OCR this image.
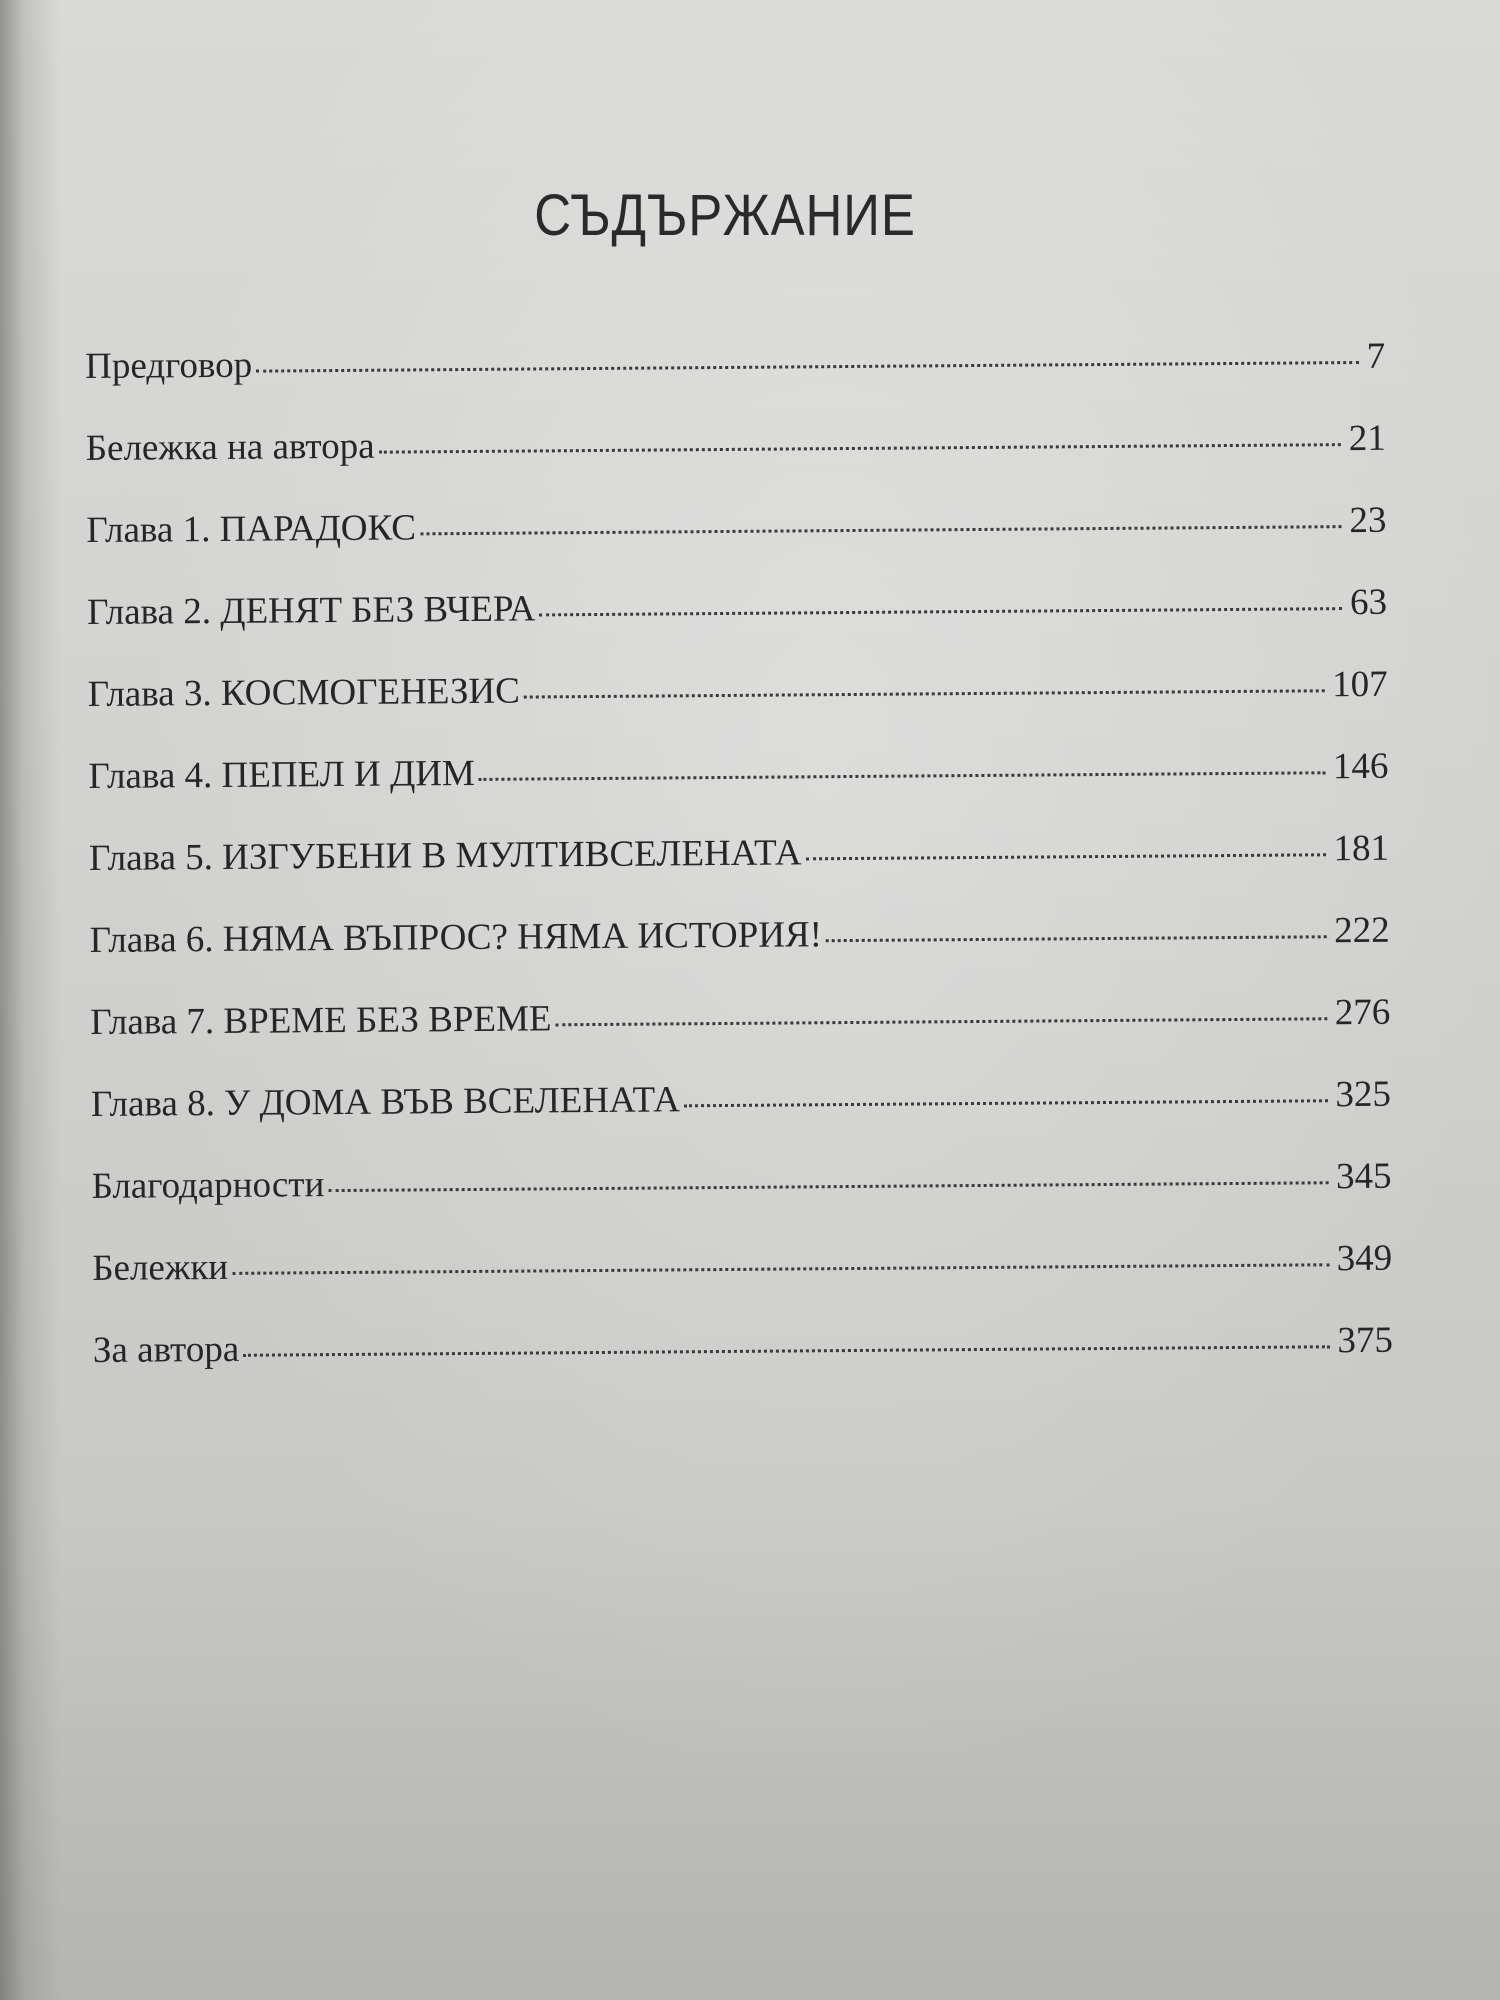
СЪДЪРЖАНИЕ
Предговор	7
Бележка на автора	21
Глава 1. ПАРАДОКС	23
Глава 2. ДЕНЯТ БЕЗ ВЧЕРА	63
Глава 3. КОСМОГЕНЕЗИС	107
Глава 4. ПЕПЕЛ И ДИМ	146
Глава 5. ИЗГУБЕНИ В МУЛТИВСЕЛЕНАТА	181
Глава 6. НЯМА ВЪПРОС? НЯМА ИСТОРИЯ!	222
Глава 7. ВРЕМЕ БЕЗ ВРЕМЕ	276
Глава 8. У ДОМА ВЪВ ВСЕЛЕНАТА	325
Благодарности	345
Бележки	349
За автора	375
